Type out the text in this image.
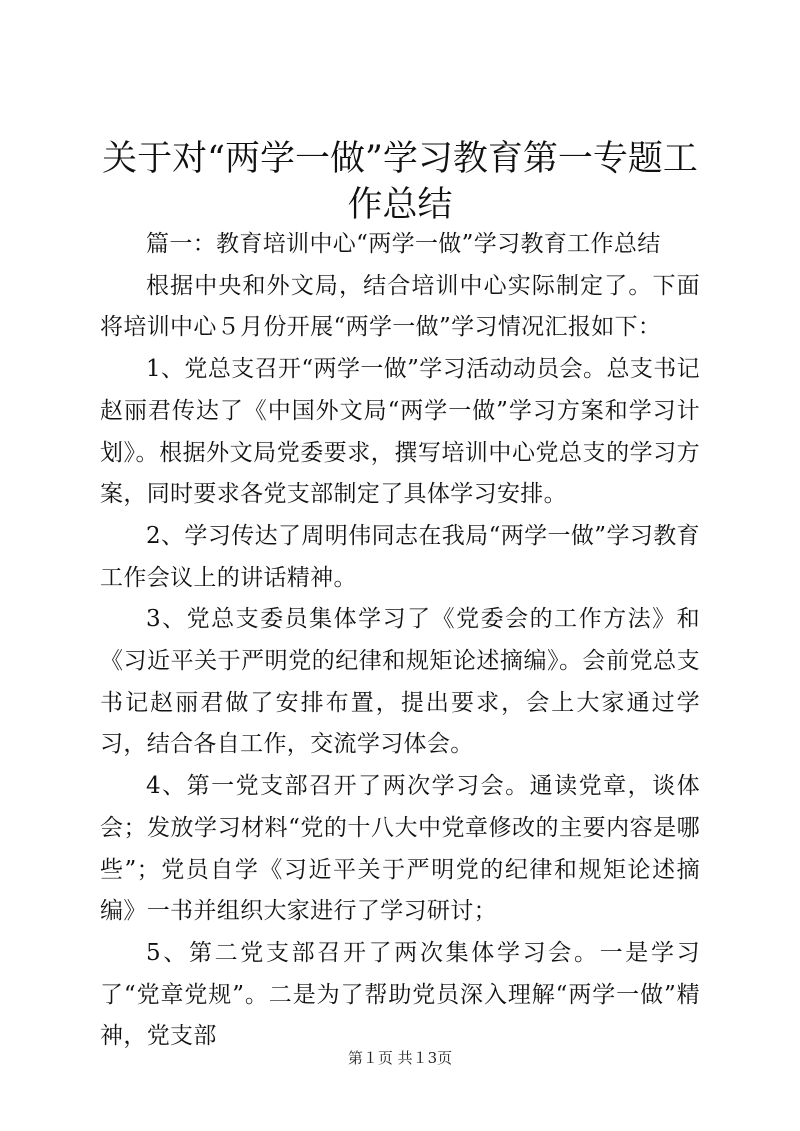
关于对“两学一做”学习教育第一专题工作总结

篇一：教育培训中心“两学一做”学习教育工作总结

根据中央和外文局，结合培训中心实际制定了。下面将培训中心５月份开展“两学一做”学习情况汇报如下：

1、党总支召开“两学一做”学习活动动员会。总支书记赵丽君传达了《中国外文局“两学一做”学习方案和学习计划》。根据外文局党委要求，撰写培训中心党总支的学习方案，同时要求各党支部制定了具体学习安排。

2、学习传达了周明伟同志在我局“两学一做”学习教育工作会议上的讲话精神。

3、党总支委员集体学习了《党委会的工作方法》和《习近平关于严明党的纪律和规矩论述摘编》。会前党总支书记赵丽君做了安排布置，提出要求，会上大家通过学习，结合各自工作，交流学习体会。

4、第一党支部召开了两次学习会。通读党章，谈体会；发放学习材料“党的十八大中党章修改的主要内容是哪些”；党员自学《习近平关于严明党的纪律和规矩论述摘编》一书并组织大家进行了学习研讨；

5、第二党支部召开了两次集体学习会。一是学习了“党章党规”。二是为了帮助党员深入理解“两学一做”精神，党支部

第１页 共１3页
